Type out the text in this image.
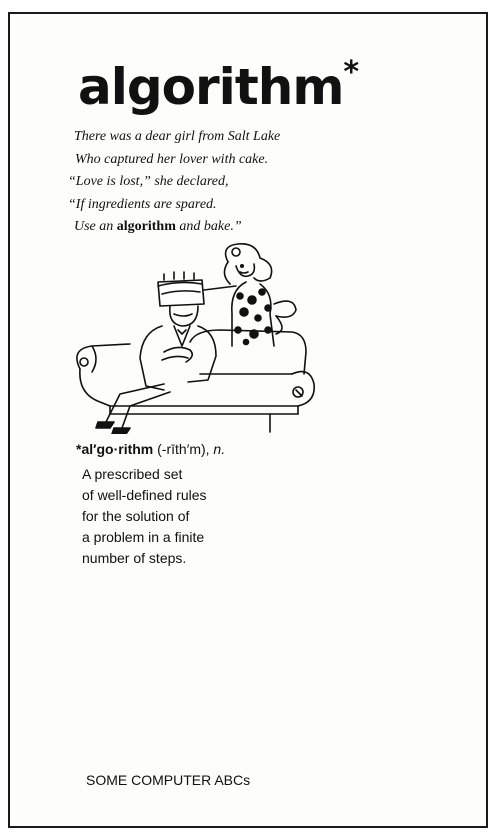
algorithm*
There was a dear girl from Salt Lake
Who captured her lover with cake.
“Love is lost,” she declared,
“If ingredients are spared.
Use an algorithm and bake.”
*al′go·rithm (-rīth′m), n.
A prescribed set
of well-defined rules
for the solution of
a problem in a finite
number of steps.
SOME COMPUTER ABCs
